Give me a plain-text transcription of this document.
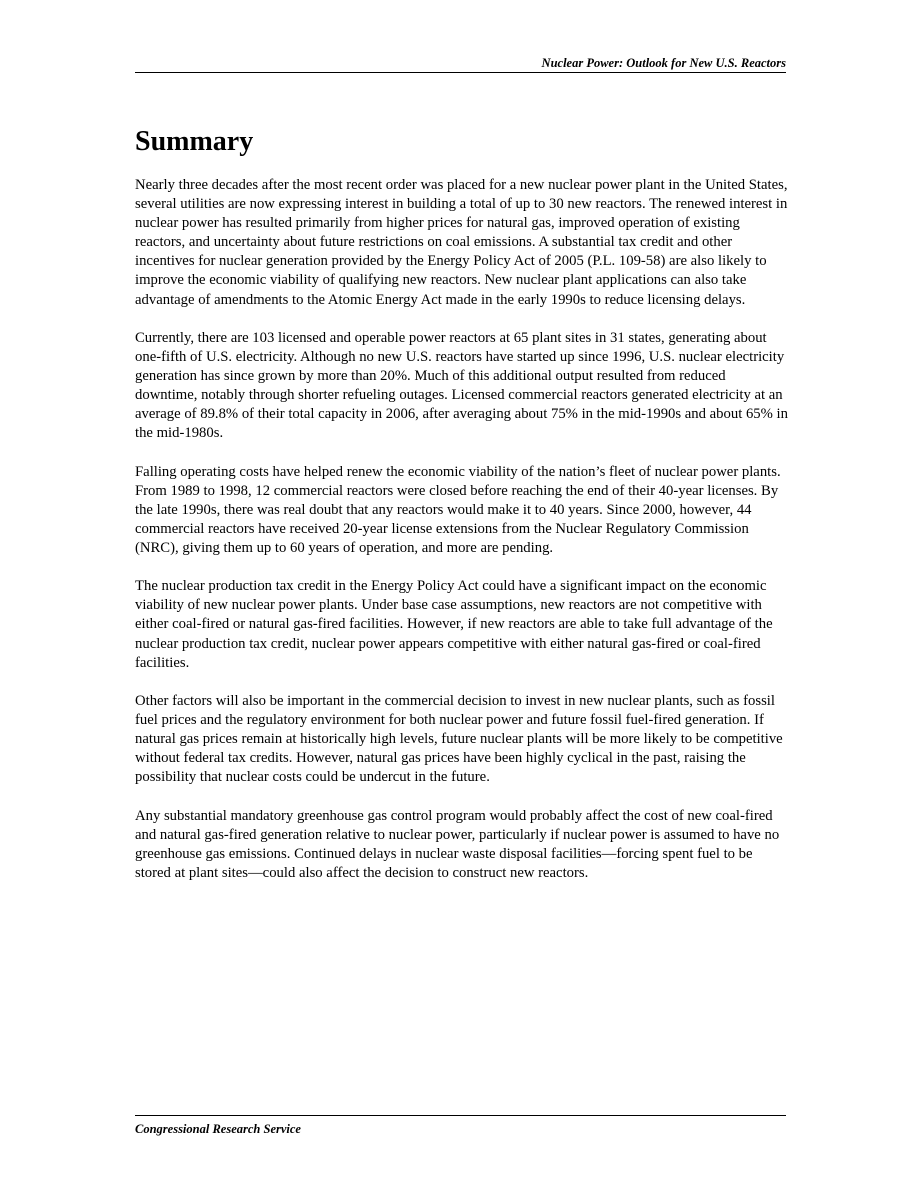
Nuclear Power: Outlook for New U.S. Reactors
Summary

Nearly three decades after the most recent order was placed for a new nuclear power plant in the United States, several utilities are now expressing interest in building a total of up to 30 new reactors. The renewed interest in nuclear power has resulted primarily from higher prices for natural gas, improved operation of existing reactors, and uncertainty about future restrictions on coal emissions. A substantial tax credit and other incentives for nuclear generation provided by the Energy Policy Act of 2005 (P.L. 109-58) are also likely to improve the economic viability of qualifying new reactors. New nuclear plant applications can also take advantage of amendments to the Atomic Energy Act made in the early 1990s to reduce licensing delays.

Currently, there are 103 licensed and operable power reactors at 65 plant sites in 31 states, generating about one-fifth of U.S. electricity. Although no new U.S. reactors have started up since 1996, U.S. nuclear electricity generation has since grown by more than 20%. Much of this additional output resulted from reduced downtime, notably through shorter refueling outages. Licensed commercial reactors generated electricity at an average of 89.8% of their total capacity in 2006, after averaging about 75% in the mid-1990s and about 65% in the mid-1980s.

Falling operating costs have helped renew the economic viability of the nation’s fleet of nuclear power plants. From 1989 to 1998, 12 commercial reactors were closed before reaching the end of their 40-year licenses. By the late 1990s, there was real doubt that any reactors would make it to 40 years. Since 2000, however, 44 commercial reactors have received 20-year license extensions from the Nuclear Regulatory Commission (NRC), giving them up to 60 years of operation, and more are pending.

The nuclear production tax credit in the Energy Policy Act could have a significant impact on the economic viability of new nuclear power plants. Under base case assumptions, new reactors are not competitive with either coal-fired or natural gas-fired facilities. However, if new reactors are able to take full advantage of the nuclear production tax credit, nuclear power appears competitive with either natural gas-fired or coal-fired facilities.

Other factors will also be important in the commercial decision to invest in new nuclear plants, such as fossil fuel prices and the regulatory environment for both nuclear power and future fossil fuel-fired generation. If natural gas prices remain at historically high levels, future nuclear plants will be more likely to be competitive without federal tax credits. However, natural gas prices have been highly cyclical in the past, raising the possibility that nuclear costs could be undercut in the future.

Any substantial mandatory greenhouse gas control program would probably affect the cost of new coal-fired and natural gas-fired generation relative to nuclear power, particularly if nuclear power is assumed to have no greenhouse gas emissions. Continued delays in nuclear waste disposal facilities—forcing spent fuel to be stored at plant sites—could also affect the decision to construct new reactors.

Congressional Research Service
